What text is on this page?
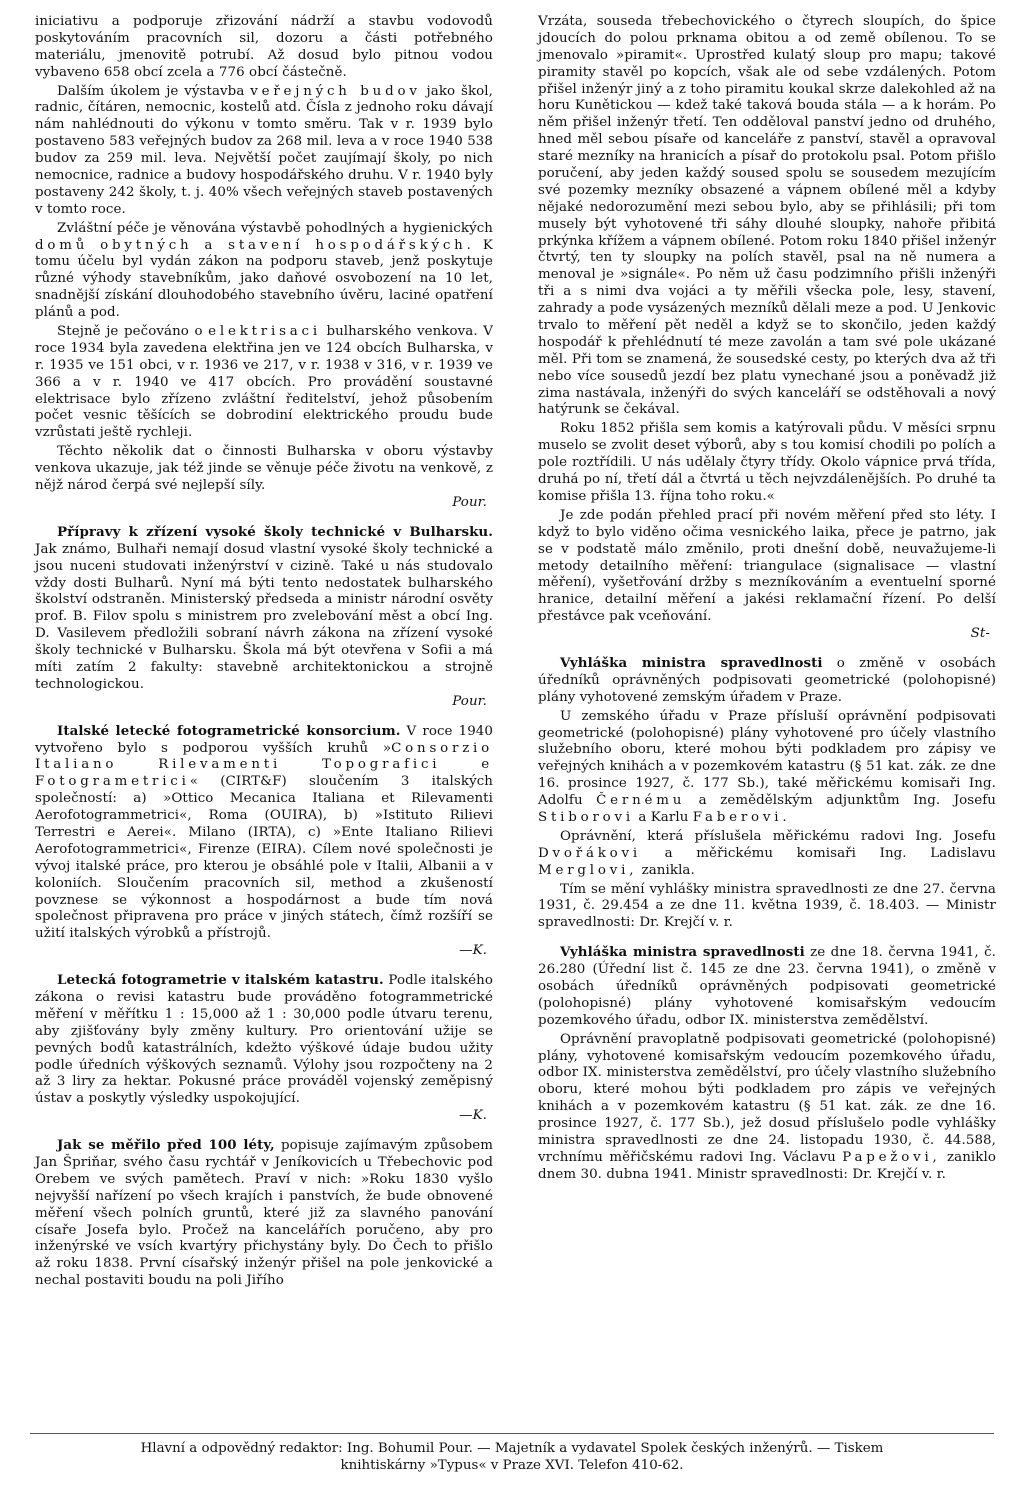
iniciativu a podporuje zřizování nádrží a stavbu vodovodů poskytováním pracovních sil, dozoru a části potřebného materiálu, jmenovitě potrubí. Až dosud bylo pitnou vodou vybaveno 658 obcí zcela a 776 obcí částečně.

Dalším úkolem je výstavba veřejných budov jako škol, radnic, čítáren, nemocnic, kostelů atd. Čísla z jednoho roku dávají nám nahlédnouti do výkonu v tomto směru. Tak v r. 1939 bylo postaveno 583 veřejných budov za 268 mil. leva a v roce 1940 538 budov za 259 mil. leva. Největší počet zaujímají školy, po nich nemocnice, radnice a budovy hospodářského druhu. V r. 1940 byly postaveny 242 školy, t. j. 40% všech veřejných staveb postavených v tomto roce.

Zvláštní péče je věnována výstavbě pohodlných a hygienických domů obytných a stavení hospodářských. K tomu účelu byl vydán zákon na podporu staveb, jenž poskytuje různé výhody stavebníkům, jako daňové osvobození na 10 let, snadnější získání dlouhodobého stavebního úvěru, laciné opatření plánů a pod.

Stejně je pečováno o elektrisaci bulharského venkova. V roce 1934 byla zavedena elektřina jen ve 124 obcích Bulharska, v r. 1935 ve 151 obci, v r. 1936 ve 217, v r. 1938 v 316, v r. 1939 ve 366 a v r. 1940 ve 417 obcích. Pro provádění soustavné elektrisace bylo zřízeno zvláštní ředitelství, jehož působením počet vesnic těšících se dobrodiní elektrického proudu bude vzrůstati ještě rychleji.

Těchto několik dat o činnosti Bulharska v oboru výstavby venkova ukazuje, jak též jinde se věnuje péče životu na venkově, z nějž národ čerpá své nejlepší síly.
Pour.

Přípravy k zřízení vysoké školy technické v Bulharsku. Jak známo, Bulhaři nemají dosud vlastní vysoké školy technické a jsou nuceni studovati inženýrství v cizině. Také u nás studovalo vždy dosti Bulharů. Nyní má býti tento nedostatek bulharského školství odstraněn. Ministerský předseda a ministr národní osvěty prof. B. Filov spolu s ministrem pro zvelebování měst a obcí Ing. D. Vasilevem předložili sobraní návrh zákona na zřízení vysoké školy technické v Bulharsku. Škola má být otevřena v Sofii a má míti zatím 2 fakulty: stavebně architektonickou a strojně technologickou.
Pour.

Italské letecké fotogrametrické konsorcium. V roce 1940 vytvořeno bylo s podporou vyšších kruhů »Consorzio Italiano Rilevamenti Topografici e Fotogrametrici« (CIRT&F) sloučením 3 italských společností: a) »Ottico Mecanica Italiana et Rilevamenti Aerofotogrammetrici«, Roma (OUIRA), b) »Istituto Rilievi Terrestri e Aerei«. Milano (IRTA), c) »Ente Italiano Rilievi Aerofotogrammetrici«, Firenze (EIRA). Cílem nové společnosti je vývoj italské práce, pro kterou je obsáhlé pole v Italii, Albanii a v koloniích. Sloučením pracovních sil, method a zkušeností povznese se výkonnost a hospodárnost a bude tím nová společnost připravena pro práce v jiných státech, čímž rozšíří se užití italských výrobků a přístrojů.
—K.

Letecká fotogrametrie v italském katastru. Podle italského zákona o revisi katastru bude prováděno fotogrammetrické měření v měřítku 1 : 15,000 až 1 : 30,000 podle útvaru terenu, aby zjišťovány byly změny kultury. Pro orientování užije se pevných bodů katastrálních, kdežto výškové údaje budou užity podle úředních výškových seznamů. Výlohy jsou rozpočteny na 2 až 3 liry za hektar. Pokusné práce prováděl vojenský zeměpisný ústav a poskytly výsledky uspokojující.
—K.

Jak se měřilo před 100 léty, popisuje zajímavým způsobem Jan Špriňar, svého času rychtář v Jeníkovicích u Třebechovic pod Orebem ve svých pamětech. Praví v nich: »Roku 1830 vyšlo nejvyšší nařízení po všech krajích i panstvích, že bude obnovené měření všech polních gruntů, které již za slavného panování císaře Josefa bylo. Pročež na kancelářích poručeno, aby pro inženýrské ve vsích kvartýry přichystány byly. Do Čech to přišlo až roku 1838. První císařský inženýr přišel na pole jenkovické a nechal postaviti boudu na poli Jiřího

Vrzáta, souseda třebechovického o čtyrech sloupích, do špice jdoucích do polou prknama obitou a od země obílenou. To se jmenovalo »piramit«. Uprostřed kulatý sloup pro mapu; takové piramity stavěl po kopcích, však ale od sebe vzdálených. Potom přišel inženýr jiný a z toho piramitu koukal skrze dalekohled až na horu Kunětickou — kdež také taková bouda stála — a k horám. Po něm přišel inženýr třetí. Ten odděloval panství jedno od druhého, hned měl sebou písaře od kanceláře z panství, stavěl a opravoval staré mezníky na hranicích a písař do protokolu psal. Potom přišlo poručení, aby jeden každý soused spolu se sousedem mezujícím své pozemky mezníky obsazené a vápnem obílené měl a kdyby nějaké nedorozumění mezi sebou bylo, aby se přihlásili; při tom musely být vyhotovené tři sáhy dlouhé sloupky, nahoře přibitá prkýnka křížem a vápnem obílené. Potom roku 1840 přišel inženýr čtvrtý, ten ty sloupky na polích stavěl, psal na ně numera a menoval je »signále«. Po něm už času podzimního přišli inženýři tři a s nimi dva vojáci a ty měřili všecka pole, lesy, stavení, zahrady a pode vysázených mezníků dělali meze a pod. U Jenkovic trvalo to měření pět neděl a když se to skončilo, jeden každý hospodář k přehlédnutí té meze zavolán a tam své pole ukázané měl. Při tom se znamená, že sousedské cesty, po kterých dva až tři nebo více sousedů jezdí bez platu vynechané jsou a poněvadž již zima nastávala, inženýři do svých kanceláří se odstěhovali a nový hatýrunk se čekával.

Roku 1852 přišla sem komis a katýrovali půdu. V měsíci srpnu muselo se zvolit deset výborů, aby s tou komisí chodili po polích a pole roztřídili. U nás udělaly čtyry třídy. Okolo vápnice prvá třída, druhá po ní, třetí dál a čtvrtá u těch nejvzdálenějších. Po druhé ta komise přišla 13. října toho roku.«

Je zde podán přehled prací při novém měření před sto léty. I když to bylo viděno očima vesnického laika, přece je patrno, jak se v podstatě málo změnilo, proti dnešní době, neuvažujeme-li metody detailního měření: triangulace (signalisace — vlastní měření), vyšetřování držby s mezníkováním a eventuelní sporné hranice, detailní měření a jakési reklamační řízení. Po delší přestávce pak vceňování.
St-

Vyhláška ministra spravedlnosti o změně v osobách úředníků oprávněných podpisovati geometrické (polohopisné) plány vyhotovené zemským úřadem v Praze.

U zemského úřadu v Praze přísluší oprávnění podpisovati geometrické (polohopisné) plány vyhotovené pro účely vlastního služebního oboru, které mohou býti podkladem pro zápisy ve veřejných knihách a v pozemkovém katastru (§ 51 kat. zák. ze dne 16. prosince 1927, č. 177 Sb.), také měřickému komisaři Ing. Adolfu Černému a zemědělským adjunktům Ing. Josefu Stiborovi a Karlu Faberovi.

Oprávnění, která příslušela měřickému radovi Ing. Josefu Dvořákovi a měřickému komisaři Ing. Ladislavu Merglovi, zanikla.

Tím se mění vyhlášky ministra spravedlnosti ze dne 27. června 1931, č. 29.454 a ze dne 11. května 1939, č. 18.403. — Ministr spravedlnosti: Dr. Krejčí v. r.

Vyhláška ministra spravedlnosti ze dne 18. června 1941, č. 26.280 (Úřední list č. 145 ze dne 23. června 1941), o změně v osobách úředníků oprávněných podpisovati geometrické (polohopisné) plány vyhotovené komisařským vedoucím pozemkového úřadu, odbor IX. ministerstva zemědělství.

Oprávnění pravoplatně podpisovati geometrické (polohopisné) plány, vyhotovené komisařským vedoucím pozemkového úřadu, odbor IX. ministerstva zemědělství, pro účely vlastního služebního oboru, které mohou býti podkladem pro zápis ve veřejných knihách a v pozemkovém katastru (§ 51 kat. zák. ze dne 16. prosince 1927, č. 177 Sb.), jež dosud příslušelo podle vyhlášky ministra spravedlnosti ze dne 24. listopadu 1930, č. 44.588, vrchnímu měřičskému radovi Ing. Václavu Papežovi, zaniklo dnem 30. dubna 1941. Ministr spravedlnosti: Dr. Krejčí v. r.

Hlavní a odpovědný redaktor: Ing. Bohumil Pour. — Majetník a vydavatel Spolek českých inženýrů. — Tiskem
knihtiskárny »Typus« v Praze XVI. Telefon 410-62.
